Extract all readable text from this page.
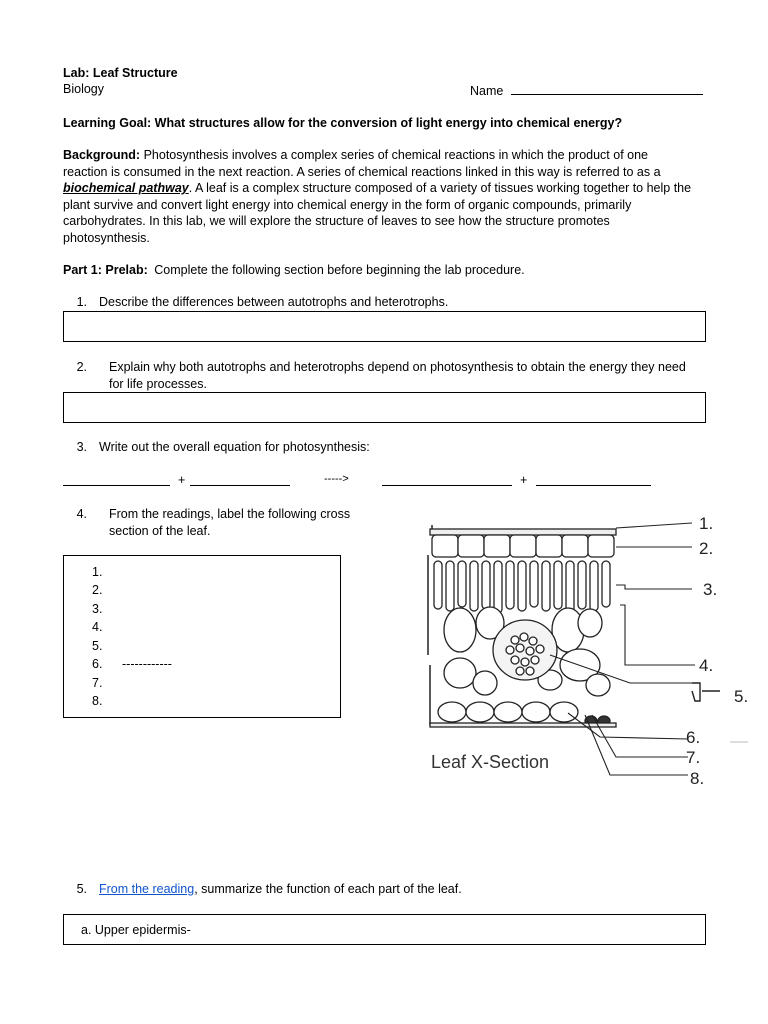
Lab: Leaf Structure
Biology	Name
Learning Goal: What structures allow for the conversion of light energy into chemical energy?
Background: Photosynthesis involves a complex series of chemical reactions in which the product of one reaction is consumed in the next reaction. A series of chemical reactions linked in this way is referred to as a biochemical pathway. A leaf is a complex structure composed of a variety of tissues working together to help the plant survive and convert light energy into chemical energy in the form of organic compounds, primarily carbohydrates. In this lab, we will explore the structure of leaves to see how the structure promotes photosynthesis.
Part 1: Prelab: Complete the following section before beginning the lab procedure.
1. Describe the differences between autotrophs and heterotrophs.
2. Explain why both autotrophs and heterotrophs depend on photosynthesis to obtain the energy they need for life processes.
3. Write out the overall equation for photosynthesis:
+	----->	+
4. From the readings, label the following cross section of the leaf.
1.
2.
3.
4.
5.
6. ------------
7.
8.
1.
2.
3.
4.
5.
6.
7.
8.
Leaf X-Section
5. From the reading, summarize the function of each part of the leaf.
a. Upper epidermis-
